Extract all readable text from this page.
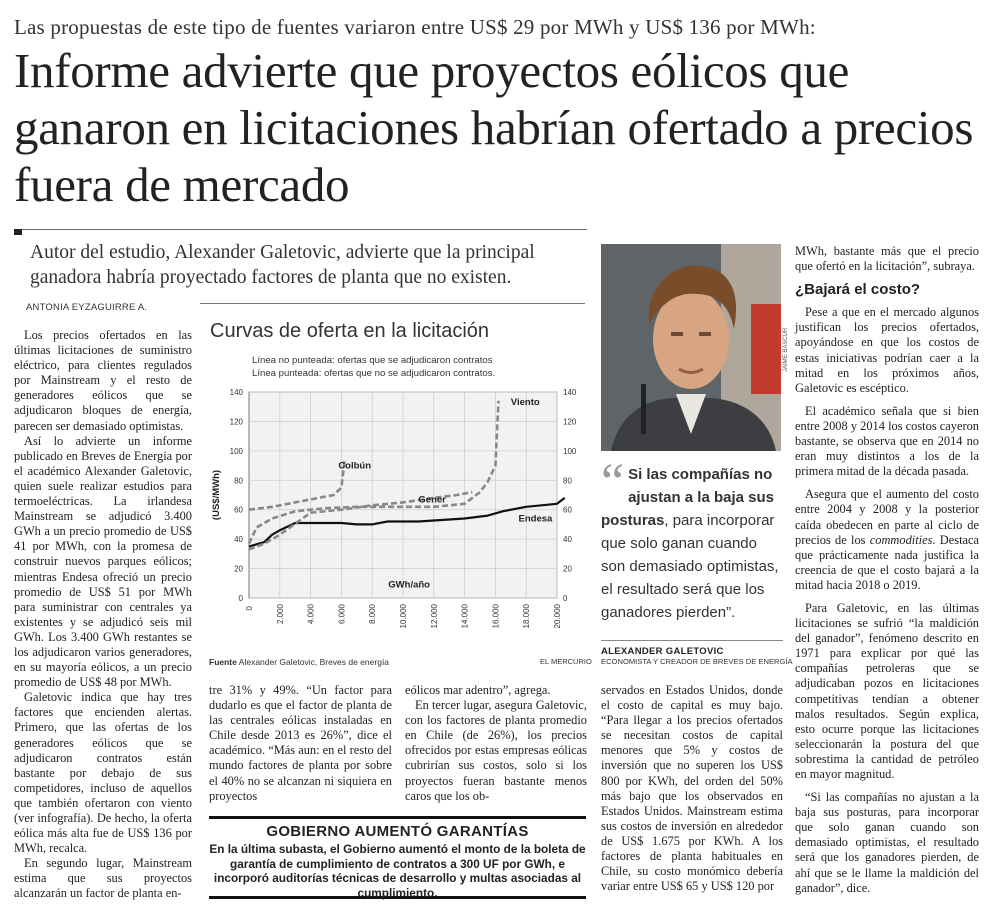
Las propuestas de este tipo de fuentes variaron entre US$ 29 por MWh y US$ 136 por MWh:
Informe advierte que proyectos eólicos que ganaron en licitaciones habrían ofertado a precios fuera de mercado
Autor del estudio, Alexander Galetovic, advierte que la principal ganadora habría proyectado factores de planta que no existen.
ANTONIA EYZAGUIRRE A.

Los precios ofertados en las últimas licitaciones de suministro eléctrico, para clientes regulados por Mainstream y el resto de generadores eólicos que se adjudicaron bloques de energía, parecen ser demasiado optimistas.

Así lo advierte un informe publicado en Breves de Energía por el académico Alexander Galetovic, quien suele realizar estudios para termoeléctricas. La irlandesa Mainstream se adjudicó 3.400 GWh a un precio promedio de US$ 41 por MWh, con la promesa de construir nuevos parques eólicos; mientras Endesa ofreció un precio promedio de US$ 51 por MWh para suministrar con centrales ya existentes y se adjudicó seis mil GWh. Los 3.400 GWh restantes se los adjudicaron varios generadores, en su mayoría eólicos, a un precio promedio de US$ 48 por MWh.

Galetovic indica que hay tres factores que encienden alertas. Primero, que las ofertas de los generadores eólicos que se adjudicaron contratos están bastante por debajo de sus competidores, incluso de aquellos que también ofertaron con viento (ver infografía). De hecho, la oferta eólica más alta fue de US$ 136 por MWh, recalca.

En segundo lugar, Mainstream estima que sus proyectos alcanzarán un factor de planta en-

Curvas de oferta en la licitación
Línea no punteada: ofertas que se adjudicaron contratos
Línea punteada: ofertas que no se adjudicaron contratos.
0	0
20	20
40	40
60	60
80	80
100	100
120	120
140	140
0	2.000	4.000	6.000	8.000	10.000	12.000	14.000	16.000	18.000	20.000
(US$/MWh)
GWh/año
Endesa
Gener
Colbún
Viento
Fuente Alexander Galetovic, Breves de energía	EL MERCURIO
tre 31% y 49%. “Un factor para dudarlo es que el factor de planta de las centrales eólicas instaladas en Chile desde 2013 es 26%”, dice el académico. “Más aun: en el resto del mundo factores de planta por sobre el 40% no se alcanzan ni siquiera en proyectos
eólicos mar adentro”, agrega.

En tercer lugar, asegura Galetovic, con los factores de planta promedio en Chile (de 26%), los precios ofrecidos por estas empresas eólicas cubrirían sus costos, solo si los proyectos fueran bastante menos caros que los ob-

servados en Estados Unidos, donde el costo de capital es muy bajo. “Para llegar a los precios ofertados se necesitan costos de capital menores que 5% y costos de inversión que no superen los US$ 800 por KWh, del orden del 50% más bajo que los observados en Estados Unidos. Mainstream estima sus costos de inversión en alrededor de US$ 1.675 por KWh. A los factores de planta habituales en Chile, su costo monómico debería variar entre US$ 65 y US$ 120 por
GOBIERNO AUMENTÓ GARANTÍAS
En la última subasta, el Gobierno aumentó el monto de la boleta de garantía de cumplimiento de contratos a 300 UF por GWh, e incorporó auditorías técnicas de desarrollo y multas asociadas al cumplimiento.
JAIME BASCUR
“ Si las compañías no ajustan a la baja sus posturas, para incorporar que solo ganan cuando son demasiado optimistas, el resultado será que los ganadores pierden”.
ALEXANDER GALETOVIC
ECONOMISTA Y CREADOR DE BREVES DE ENERGÍA

MWh, bastante más que el precio que ofertó en la licitación”, subraya.

¿Bajará el costo?

Pese a que en el mercado algunos justifican los precios ofertados, apoyándose en que los costos de estas iniciativas podrían caer a la mitad en los próximos años, Galetovic es escéptico.

El académico señala que si bien entre 2008 y 2014 los costos cayeron bastante, se observa que en 2014 no eran muy distintos a los de la primera mitad de la década pasada.

Asegura que el aumento del costo entre 2004 y 2008 y la posterior caída obedecen en parte al ciclo de precios de los commodities. Destaca que prácticamente nada justifica la creencia de que el costo bajará a la mitad hacia 2018 o 2019.

Para Galetovic, en las últimas licitaciones se sufrió “la maldición del ganador”, fenómeno descrito en 1971 para explicar por qué las compañías petroleras que se adjudicaban pozos en licitaciones competitivas tendían a obtener malos resultados. Según explica, esto ocurre porque las licitaciones seleccionarán la postura del que sobrestima la cantidad de petróleo en mayor magnitud.

“Si las compañías no ajustan a la baja sus posturas, para incorporar que solo ganan cuando son demasiado optimistas, el resultado será que los ganadores pierden, de ahí que se le llame la maldición del ganador”, dice.
